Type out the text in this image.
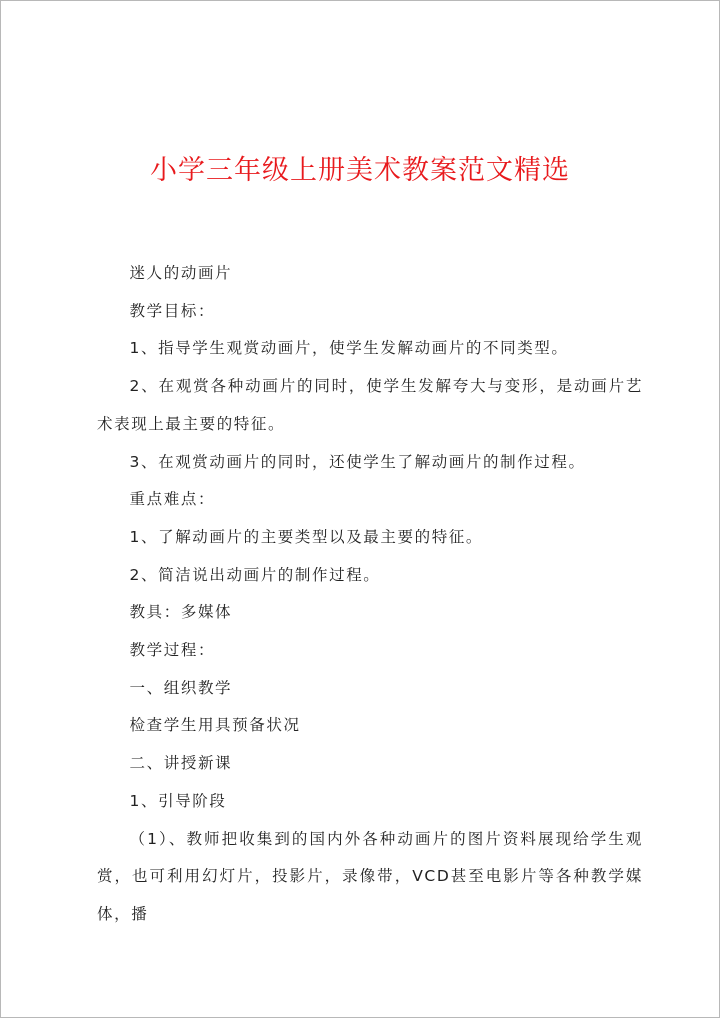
小学三年级上册美术教案范文精选

迷人的动画片

教学目标：

1、指导学生观赏动画片，使学生发解动画片的不同类型。

2、在观赏各种动画片的同时，使学生发解夸大与变形，是动画片艺术表现上最主要的特征。

3、在观赏动画片的同时，还使学生了解动画片的制作过程。

重点难点：

1、了解动画片的主要类型以及最主要的特征。

2、简洁说出动画片的制作过程。

教具：多媒体

教学过程：

一、组织教学

检查学生用具预备状况

二、讲授新课

1、引导阶段

（1）、教师把收集到的国内外各种动画片的图片资料展现给学生观赏，也可利用幻灯片，投影片，录像带，VCD甚至电影片等各种教学媒体，播
